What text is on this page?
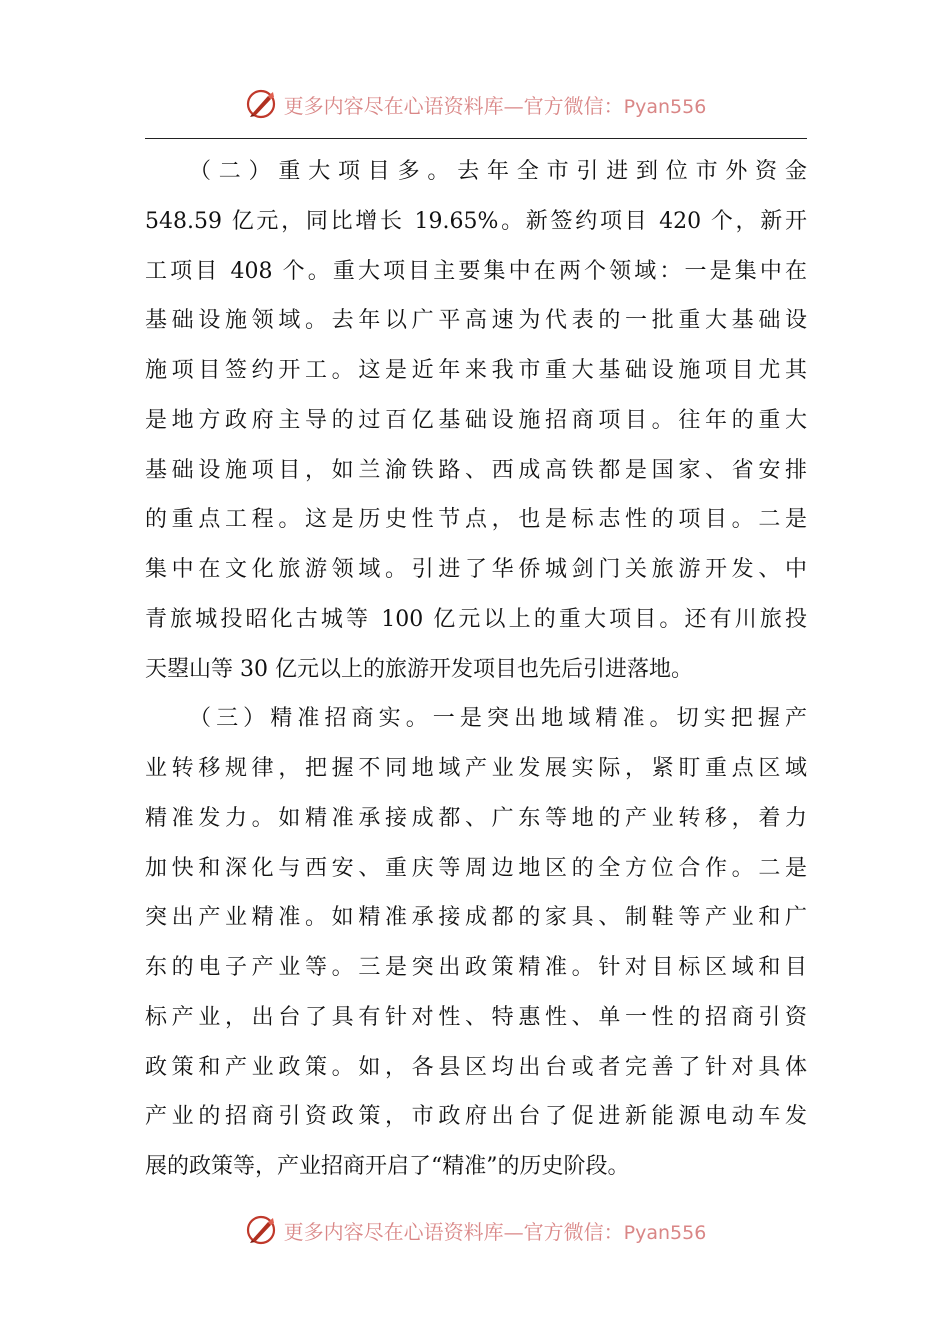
更多内容尽在心语资料库—官方微信：Pyan556
（二）重大项目多。去年全市引进到位市外资金
548.59 亿元，同比增长 19.65%。新签约项目 420 个，新开
工项目 408 个。重大项目主要集中在两个领域：一是集中在
基础设施领域。去年以广平高速为代表的一批重大基础设
施项目签约开工。这是近年来我市重大基础设施项目尤其
是地方政府主导的过百亿基础设施招商项目。往年的重大
基础设施项目，如兰渝铁路、西成高铁都是国家、省安排
的重点工程。这是历史性节点，也是标志性的项目。二是
集中在文化旅游领域。引进了华侨城剑门关旅游开发、中
青旅城投昭化古城等 100 亿元以上的重大项目。还有川旅投
天曌山等 30 亿元以上的旅游开发项目也先后引进落地。
（三）精准招商实。一是突出地域精准。切实把握产
业转移规律，把握不同地域产业发展实际，紧盯重点区域
精准发力。如精准承接成都、广东等地的产业转移，着力
加快和深化与西安、重庆等周边地区的全方位合作。二是
突出产业精准。如精准承接成都的家具、制鞋等产业和广
东的电子产业等。三是突出政策精准。针对目标区域和目
标产业，出台了具有针对性、特惠性、单一性的招商引资
政策和产业政策。如，各县区均出台或者完善了针对具体
产业的招商引资政策，市政府出台了促进新能源电动车发
展的政策等，产业招商开启了“精准”的历史阶段。
更多内容尽在心语资料库—官方微信：Pyan556
